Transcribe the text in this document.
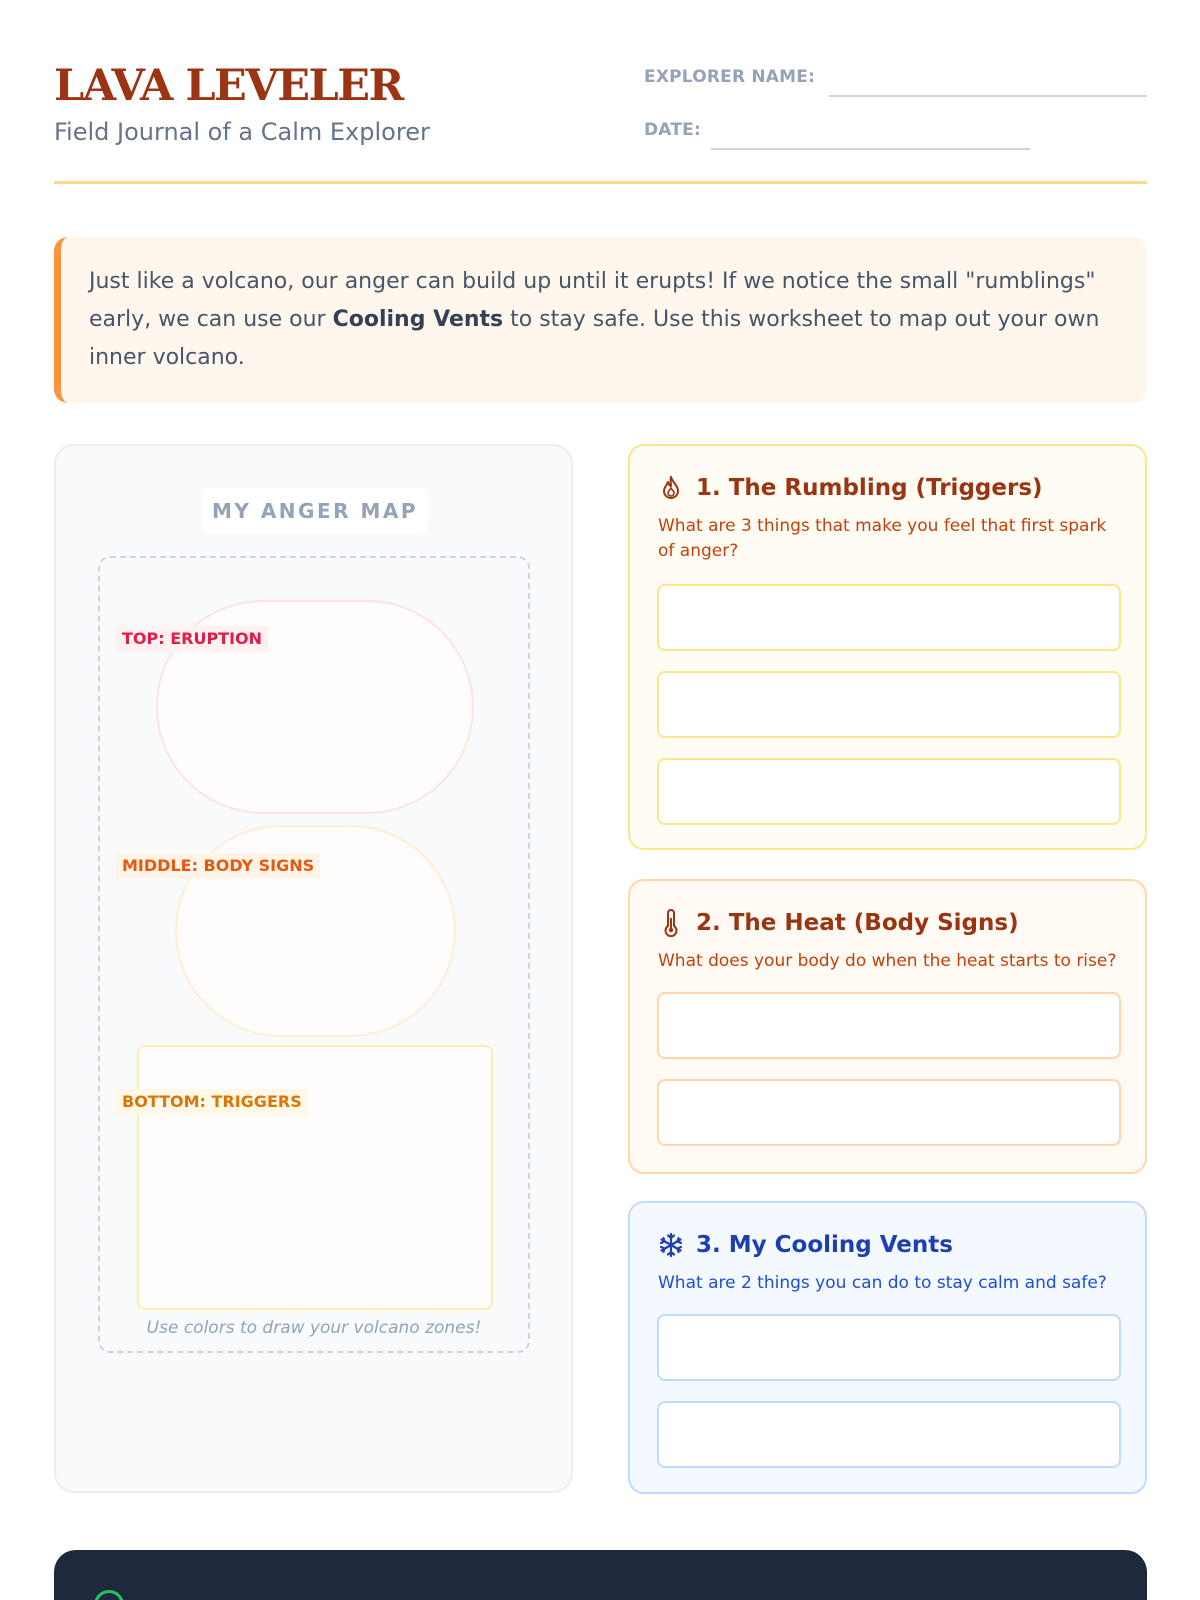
LAVA LEVELER
Field Journal of a Calm Explorer
EXPLORER NAME:
DATE:
Just like a volcano, our anger can build up until it erupts! If we notice the small "rumblings" early, we can use our Cooling Vents to stay safe. Use this worksheet to map out your own inner volcano.
MY ANGER MAP
TOP: ERUPTION
MIDDLE: BODY SIGNS
BOTTOM: TRIGGERS
Use colors to draw your volcano zones!
1. The Rumbling (Triggers)
What are 3 things that make you feel that first spark of anger?
2. The Heat (Body Signs)
What does your body do when the heat starts to rise?
3. My Cooling Vents
What are 2 things you can do to stay calm and safe?
